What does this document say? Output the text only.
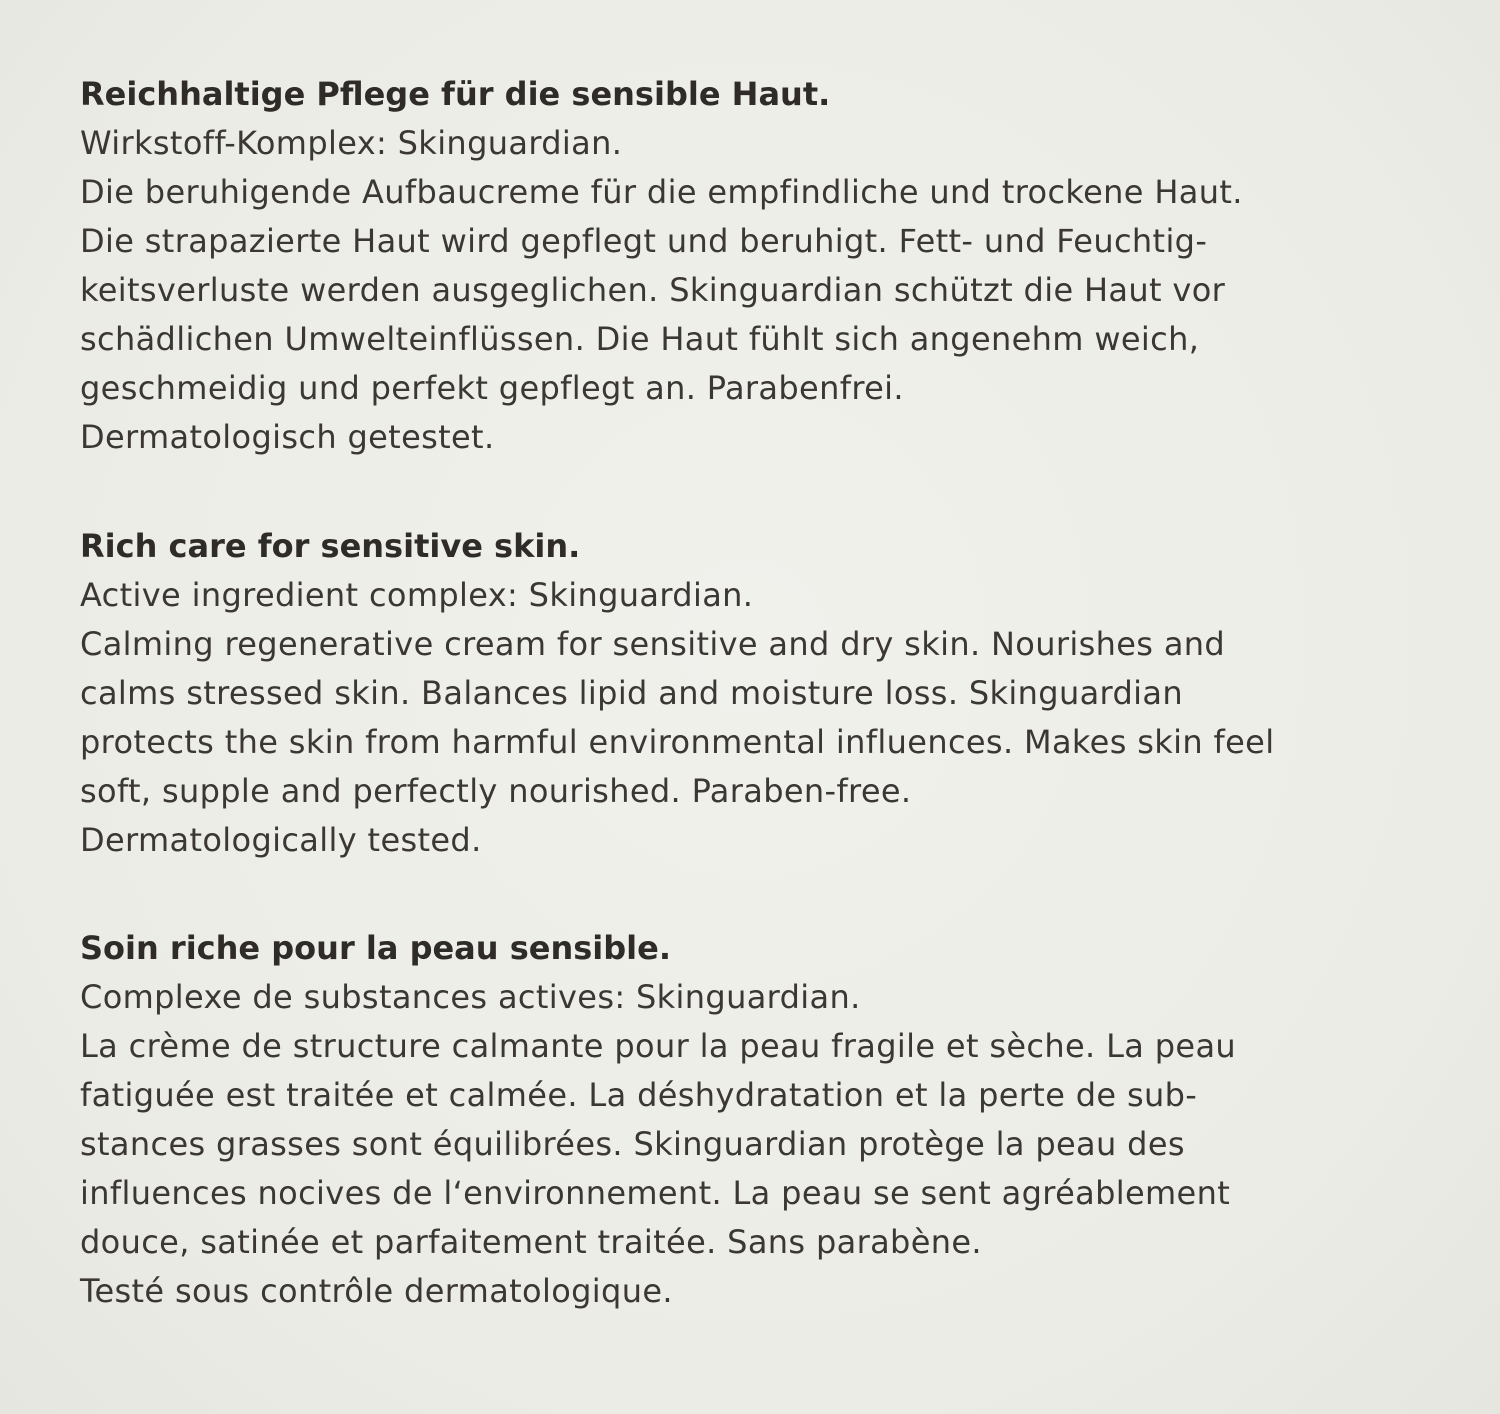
Reichhaltige Pflege für die sensible Haut.
Wirkstoff-Komplex: Skinguardian.
Die beruhigende Aufbaucreme für die empfindliche und trockene Haut.
Die strapazierte Haut wird gepflegt und beruhigt. Fett- und Feuchtig-
keitsverluste werden ausgeglichen. Skinguardian schützt die Haut vor
schädlichen Umwelteinflüssen. Die Haut fühlt sich angenehm weich,
geschmeidig und perfekt gepflegt an. Parabenfrei.
Dermatologisch getestet.
Rich care for sensitive skin.
Active ingredient complex: Skinguardian.
Calming regenerative cream for sensitive and dry skin. Nourishes and
calms stressed skin. Balances lipid and moisture loss. Skinguardian
protects the skin from harmful environmental influences. Makes skin feel
soft, supple and perfectly nourished. Paraben-free.
Dermatologically tested.
Soin riche pour la peau sensible.
Complexe de substances actives: Skinguardian.
La crème de structure calmante pour la peau fragile et sèche. La peau
fatiguée est traitée et calmée. La déshydratation et la perte de sub-
stances grasses sont équilibrées. Skinguardian protège la peau des
influences nocives de l‘environnement. La peau se sent agréablement
douce, satinée et parfaitement traitée. Sans parabène.
Testé sous contrôle dermatologique.
